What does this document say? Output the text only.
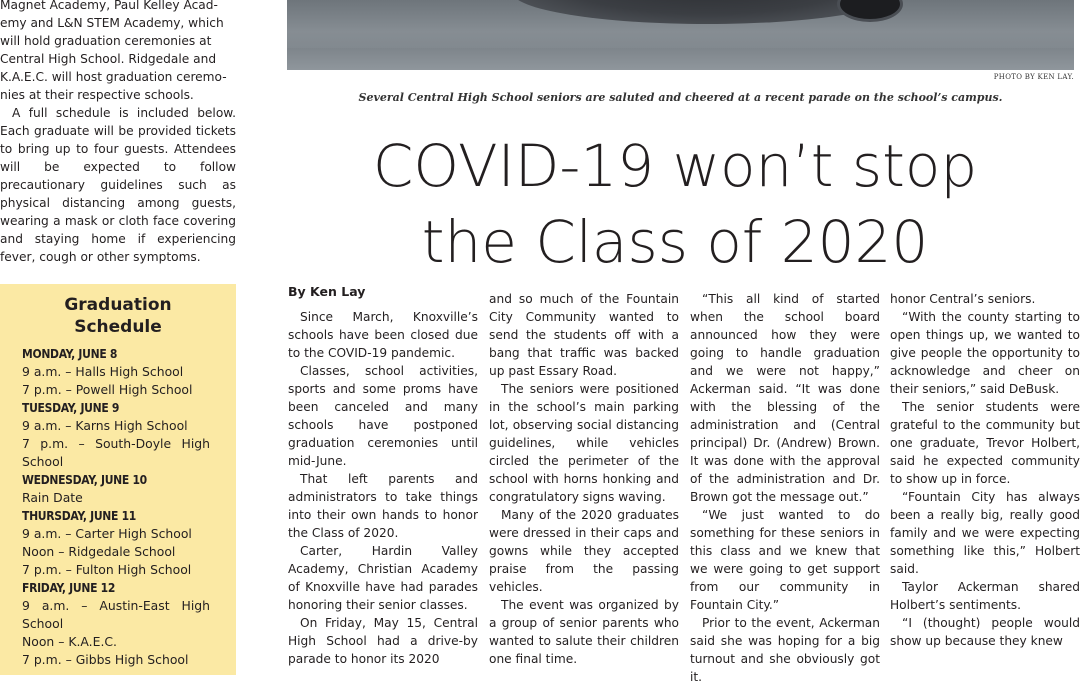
Magnet Academy, Paul Kelley Acad-
emy and L&N STEM Academy, which
will hold graduation ceremonies at
Central High School. Ridgedale and
K.A.E.C. will host graduation ceremo-
nies at their respective schools.

A full schedule is included below. Each graduate will be provided tickets to bring up to four guests. Attendees will be expected to follow precautionary guidelines such as physical distancing among guests, wearing a mask or cloth face covering and staying home if experiencing fever, cough or other symptoms.

PHOTO BY KEN LAY.
Several Central High School seniors are saluted and cheered at a recent parade on the school’s campus.
COVID-19 won’t stop
the Class of 2020
Graduation
Schedule
MONDAY, JUNE 8
9 a.m. – Halls High School
7 p.m. – Powell High School
TUESDAY, JUNE 9
9 a.m. – Karns High School
7 p.m. – South-Doyle High School
WEDNESDAY, JUNE 10
Rain Date
THURSDAY, JUNE 11
9 a.m. – Carter High School
Noon – Ridgedale School
7 p.m. – Fulton High School
FRIDAY, JUNE 12
9 a.m. – Austin-East High School
Noon – K.A.E.C.
7 p.m. – Gibbs High School
By Ken Lay

Since March, Knoxville’s schools have been closed due to the COVID-19 pandemic.

Classes, school activities, sports and some proms have been canceled and many schools have postponed graduation ceremonies until mid-June.

That left parents and administrators to take things into their own hands to honor the Class of 2020.

Carter, Hardin Valley Academy, Christian Academy of Knoxville have had parades honoring their senior classes.

On Friday, May 15, Central High School had a drive-by parade to honor its 2020

and so much of the Fountain City Community wanted to send the students off with a bang that traffic was backed up past Essary Road.

The seniors were positioned in the school’s main parking lot, observing social distancing guidelines, while vehicles circled the perimeter of the school with horns honking and congratulatory signs waving.

Many of the 2020 graduates were dressed in their caps and gowns while they accepted praise from the passing vehicles.

The event was organized by a group of senior parents who wanted to salute their children one final time.

“This all kind of started when the school board announced how they were going to handle graduation and we were not happy,” Ackerman said. “It was done with the blessing of the administration and (Central principal) Dr. (Andrew) Brown. It was done with the approval of the administration and Dr. Brown got the message out.”

“We just wanted to do something for these seniors in this class and we knew that we were going to get support from our community in Fountain City.”

Prior to the event, Ackerman said she was hoping for a big turnout and she obviously got it.

honor Central’s seniors.

“With the county starting to open things up, we wanted to give people the opportunity to acknowledge and cheer on their seniors,” said DeBusk.

The senior students were grateful to the community but one graduate, Trevor Holbert, said he expected community to show up in force.

“Fountain City has always been a really big, really good family and we were expecting something like this,” Holbert said.

Taylor Ackerman shared Holbert’s sentiments.

“I (thought) people would show up because they knew
